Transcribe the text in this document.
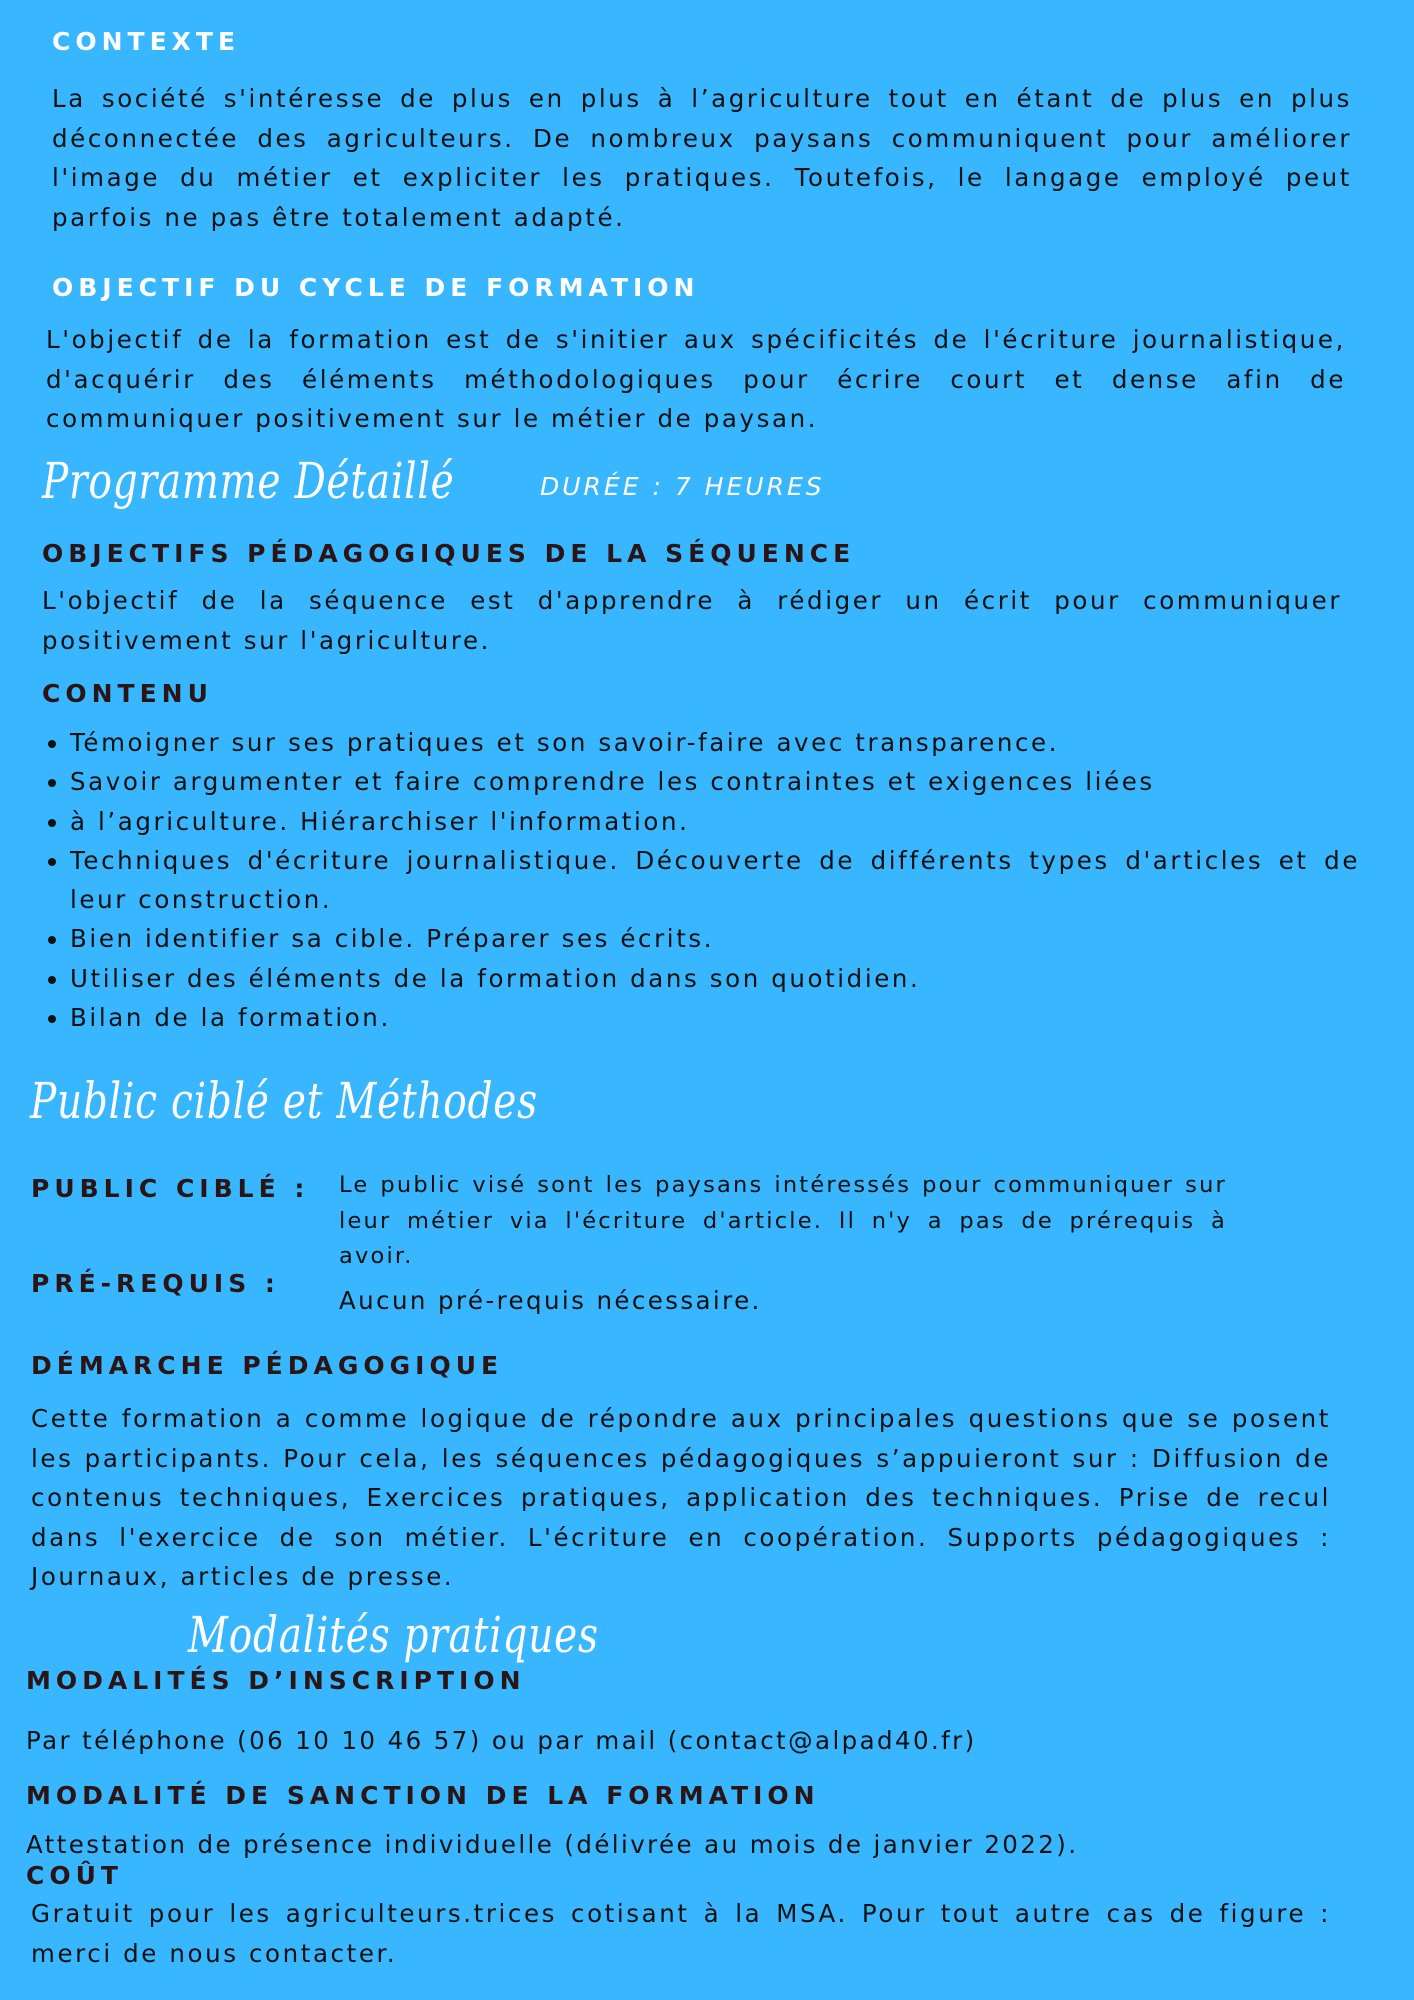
CONTEXTE
La société s'intéresse de plus en plus à l’agriculture tout en étant de plus en plus déconnectée des agriculteurs. De nombreux paysans communiquent pour améliorer l'image du métier et expliciter les pratiques. Toutefois, le langage employé peut parfois ne pas être totalement adapté.
OBJECTIF DU CYCLE DE FORMATION
L'objectif de la formation est de s'initier aux spécificités de l'écriture journalistique, d'acquérir des éléments méthodologiques pour écrire court et dense afin de communiquer positivement sur le métier de paysan.
Programme Détaillé	DURÉE : 7 HEURES
OBJECTIFS PÉDAGOGIQUES DE LA SÉQUENCE
L'objectif de la séquence est d'apprendre à rédiger un écrit pour communiquer positivement sur l'agriculture.
CONTENU
• Témoigner sur ses pratiques et son savoir-faire avec transparence.
• Savoir argumenter et faire comprendre les contraintes et exigences liées
• à l’agriculture. Hiérarchiser l'information.
• Techniques d'écriture journalistique. Découverte de différents types d'articles et de leur construction.
• Bien identifier sa cible. Préparer ses écrits.
• Utiliser des éléments de la formation dans son quotidien.
• Bilan de la formation.
Public ciblé et Méthodes
PUBLIC CIBLÉ : Le public visé sont les paysans intéressés pour communiquer sur leur métier via l'écriture d'article. Il n'y a pas de prérequis à avoir.
PRÉ-REQUIS :
Aucun pré-requis nécessaire.
DÉMARCHE PÉDAGOGIQUE
Cette formation a comme logique de répondre aux principales questions que se posent les participants. Pour cela, les séquences pédagogiques s’appuieront sur : Diffusion de contenus techniques, Exercices pratiques, application des techniques. Prise de recul dans l'exercice de son métier. L'écriture en coopération. Supports pédagogiques : Journaux, articles de presse.
Modalités pratiques
MODALITÉS D’INSCRIPTION
Par téléphone (06 10 10 46 57) ou par mail (contact@alpad40.fr)
MODALITÉ DE SANCTION DE LA FORMATION
Attestation de présence individuelle (délivrée au mois de janvier 2022).
COÛT
Gratuit pour les agriculteurs.trices cotisant à la MSA. Pour tout autre cas de figure : merci de nous contacter.
